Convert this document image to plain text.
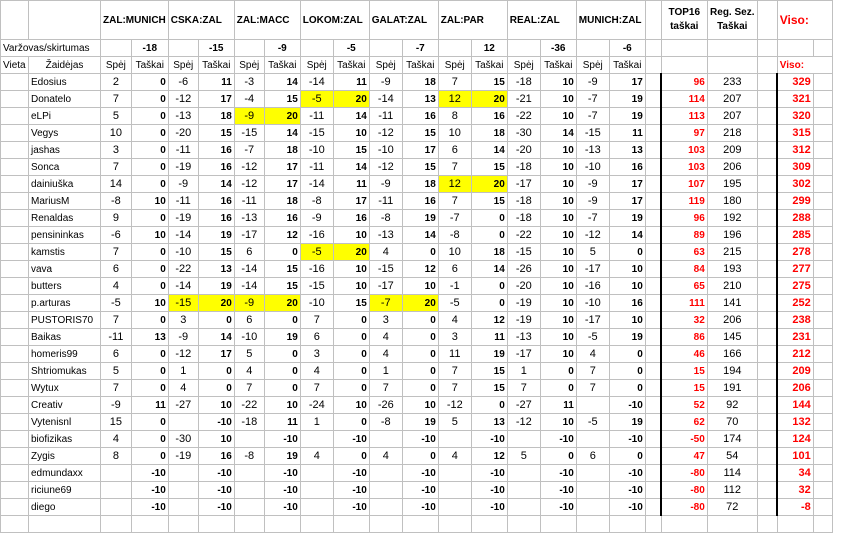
		ZAL:MUNICH		CSKA:ZAL		ZAL:MACC		LOKOM:ZAL		GALAT:ZAL		ZAL:PAR		REAL:ZAL		MUNICH:ZAL			TOP16 taškai	Reg. Sez. Taškai		Viso:	
Varžovas/skirtumas			-18		-15		-9		-5		-7		12		-36		-6						
Vieta	Žaidėjas	Spėj	Taškai	Spėj	Taškai	Spėj	Taškai	Spėj	Taškai	Spėj	Taškai	Spėj	Taškai	Spėj	Taškai	Spėj	Taškai					Viso:	
	Edosius	2	0	-6	11	-3	14	-14	11	-9	18	7	15	-18	10	-9	17		96	233		329	
	Donatelo	7	0	-12	17	-4	15	-5	20	-14	13	12	20	-21	10	-7	19		114	207		321	
	eLPi	5	0	-13	18	-9	20	-11	14	-11	16	8	16	-22	10	-7	19		113	207		320	
	Vegys	10	0	-20	15	-15	14	-15	10	-12	15	10	18	-30	14	-15	11		97	218		315	
	jashas	3	0	-11	16	-7	18	-10	15	-10	17	6	14	-20	10	-13	13		103	209		312	
	Sonca	7	0	-19	16	-12	17	-11	14	-12	15	7	15	-18	10	-10	16		103	206		309	
	dainiuška	14	0	-9	14	-12	17	-14	11	-9	18	12	20	-17	10	-9	17		107	195		302	
	MariusM	-8	10	-11	16	-11	18	-8	17	-11	16	7	15	-18	10	-9	17		119	180		299	
	Renaldas	9	0	-19	16	-13	16	-9	16	-8	19	-7	0	-18	10	-7	19		96	192		288	
	pensininkas	-6	10	-14	19	-17	12	-16	10	-13	14	-8	0	-22	10	-12	14		89	196		285	
	kamstis	7	0	-10	15	6	0	-5	20	4	0	10	18	-15	10	5	0		63	215		278	
	vava	6	0	-22	13	-14	15	-16	10	-15	12	6	14	-26	10	-17	10		84	193		277	
	butters	4	0	-14	19	-14	15	-15	10	-17	10	-1	0	-20	10	-16	10		65	210		275	
	p.arturas	-5	10	-15	20	-9	20	-10	15	-7	20	-5	0	-19	10	-10	16		111	141		252	
	PUSTORIS70	7	0	3	0	6	0	7	0	3	0	4	12	-19	10	-17	10		32	206		238	
	Baikas	-11	13	-9	14	-10	19	6	0	4	0	3	11	-13	10	-5	19		86	145		231	
	homeris99	6	0	-12	17	5	0	3	0	4	0	11	19	-17	10	4	0		46	166		212	
	Shtriomukas	5	0	1	0	4	0	4	0	1	0	7	15	1	0	7	0		15	194		209	
	Wytux	7	0	4	0	7	0	7	0	7	0	7	15	7	0	7	0		15	191		206	
	Creativ	-9	11	-27	10	-22	10	-24	10	-26	10	-12	0	-27	11		-10		52	92		144	
	Vytenisnl	15	0		-10	-18	11	1	0	-8	19	5	13	-12	10	-5	19		62	70		132	
	biofizikas	4	0	-30	10		-10		-10		-10		-10		-10		-10		-50	174		124	
	Zygis	8	0	-19	16	-8	19	4	0	4	0	4	12	5	0	6	0		47	54		101	
	edmundaxx		-10		-10		-10		-10		-10		-10		-10		-10		-80	114		34	
	riciune69		-10		-10		-10		-10		-10		-10		-10		-10		-80	112		32	
	diego		-10		-10		-10		-10		-10		-10		-10		-10		-80	72		-8	
